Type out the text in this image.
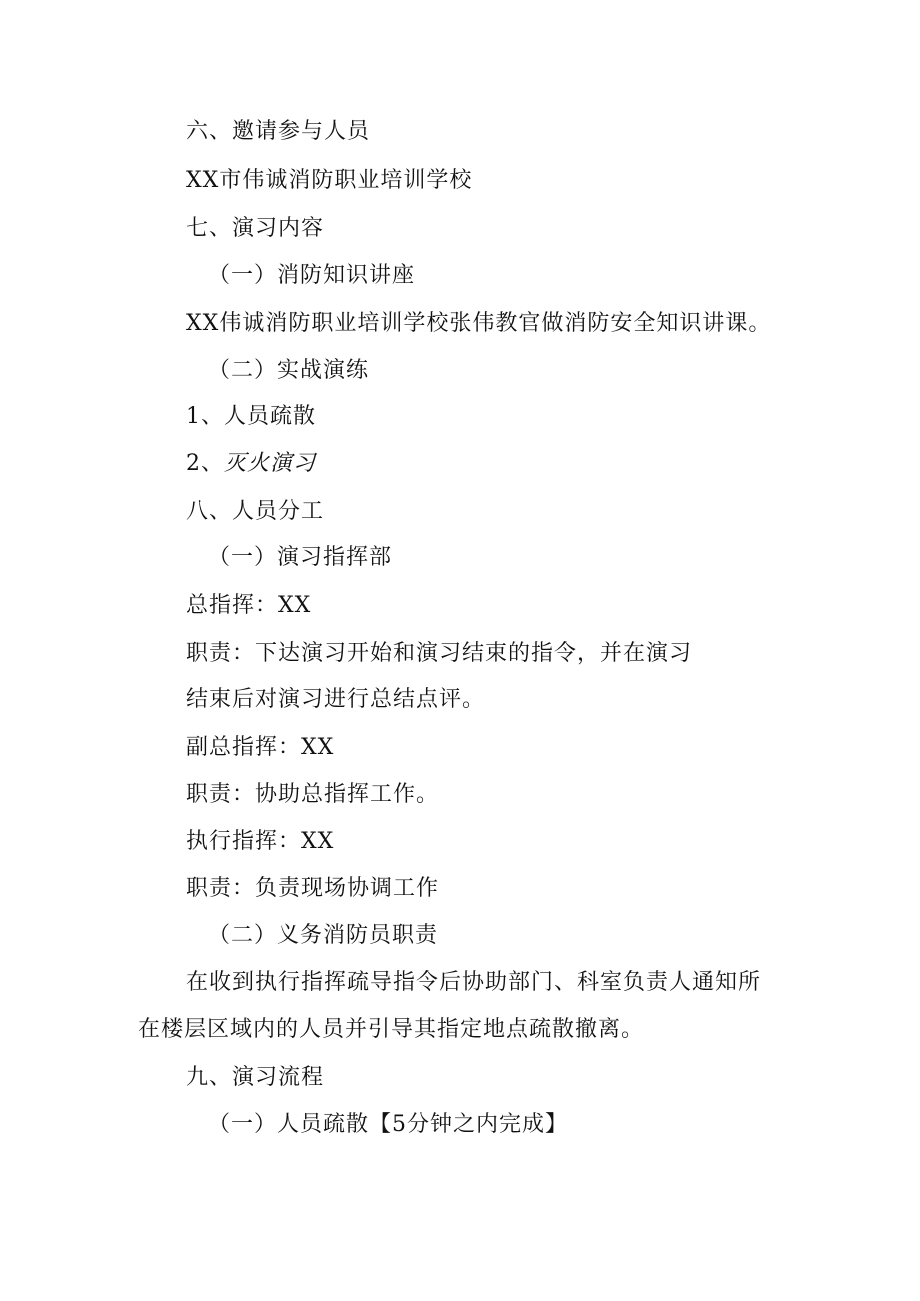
六、邀请参与人员
XX市伟诚消防职业培训学校
七、演习内容
（一）消防知识讲座
XX伟诚消防职业培训学校张伟教官做消防安全知识讲课。
（二）实战演练
1、人员疏散
2、灭火演习
八、人员分工
（一）演习指挥部
总指挥：XX
职责：下达演习开始和演习结束的指令，并在演习
结束后对演习进行总结点评。
副总指挥：XX
职责：协助总指挥工作。
执行指挥：XX
职责：负责现场协调工作
（二）义务消防员职责
在收到执行指挥疏导指令后协助部门、科室负责人通知所
在楼层区域内的人员并引导其指定地点疏散撤离。
九、演习流程
（一）人员疏散【5分钟之内完成】
